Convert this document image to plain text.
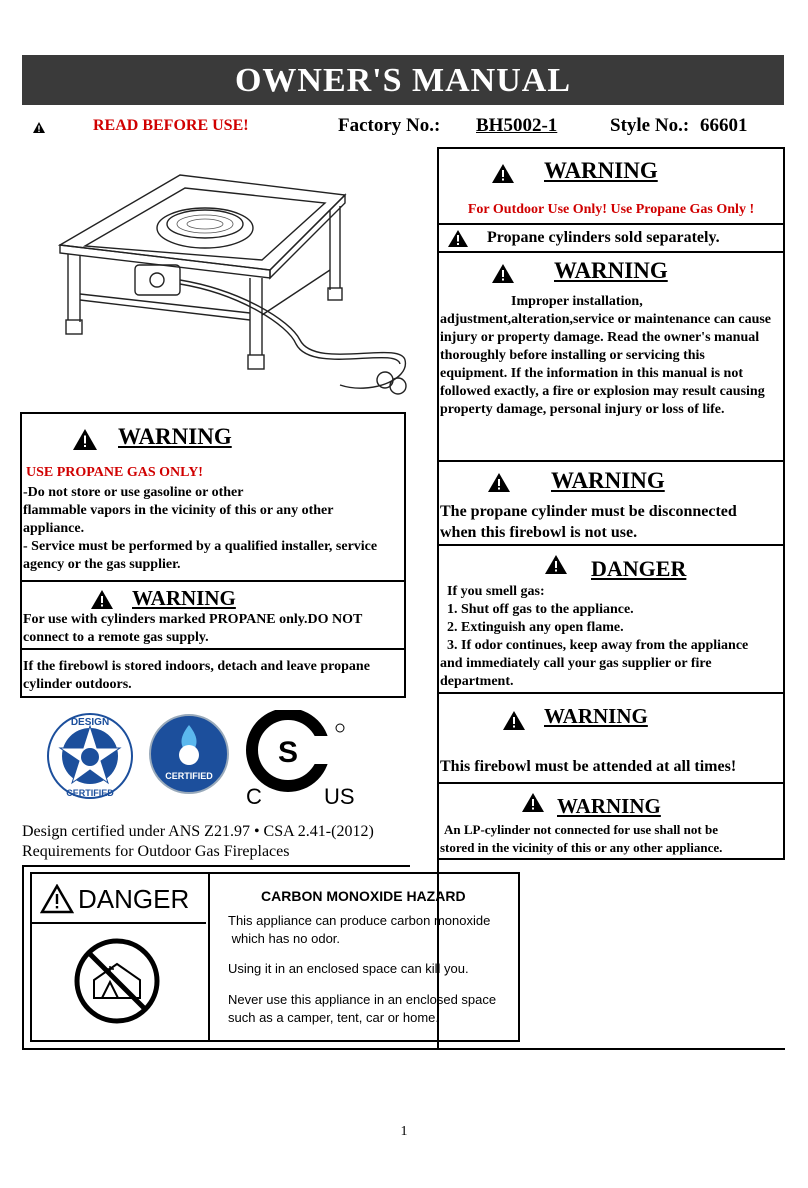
OWNER'S MANUAL
READ BEFORE USE!	Factory No.:	BH5002-1	Style No.: 66601
WARNING
For Outdoor Use Only! Use Propane Gas Only !
Propane cylinders sold separately.
WARNING
Improper installation,
adjustment,alteration,service or maintenance can cause
injury or property damage. Read the owner's manual
thoroughly before installing or servicing this
equipment. If the information in this manual is not
followed exactly, a fire or explosion may result causing
property damage, personal injury or loss of life.
WARNING
The propane cylinder must be disconnected
when this firebowl is not use.
DANGER
If you smell gas:
1. Shut off gas to the appliance.
2. Extinguish any open flame.
3. If odor continues, keep away from the appliance
and immediately call your gas supplier or fire
department.
WARNING
This firebowl must be attended at all times!
WARNING
An LP-cylinder not connected for use shall not be
stored in the vicinity of this or any other appliance.
WARNING
USE PROPANE GAS ONLY!
-Do not store or use gasoline or other
flammable vapors in the vicinity of this or any other
appliance.
- Service must be performed by a qualified installer, service
agency or the gas supplier.
WARNING
For use with cylinders marked PROPANE only.DO NOT
connect to a remote gas supply.
If the firebowl is stored indoors, detach and leave propane
cylinder outdoors.
DESIGN
CERTIFIED
CERTIFIED
S
C	US
Design certified under ANS Z21.97 • CSA 2.41-(2012)
Requirements for Outdoor Gas Fireplaces
DANGER	CARBON MONOXIDE HAZARD
This appliance can produce carbon monoxide
which has no odor.
Using it in an enclosed space can kill you.
Never use this appliance in an enclosed space
such as a camper, tent, car or home.
1
